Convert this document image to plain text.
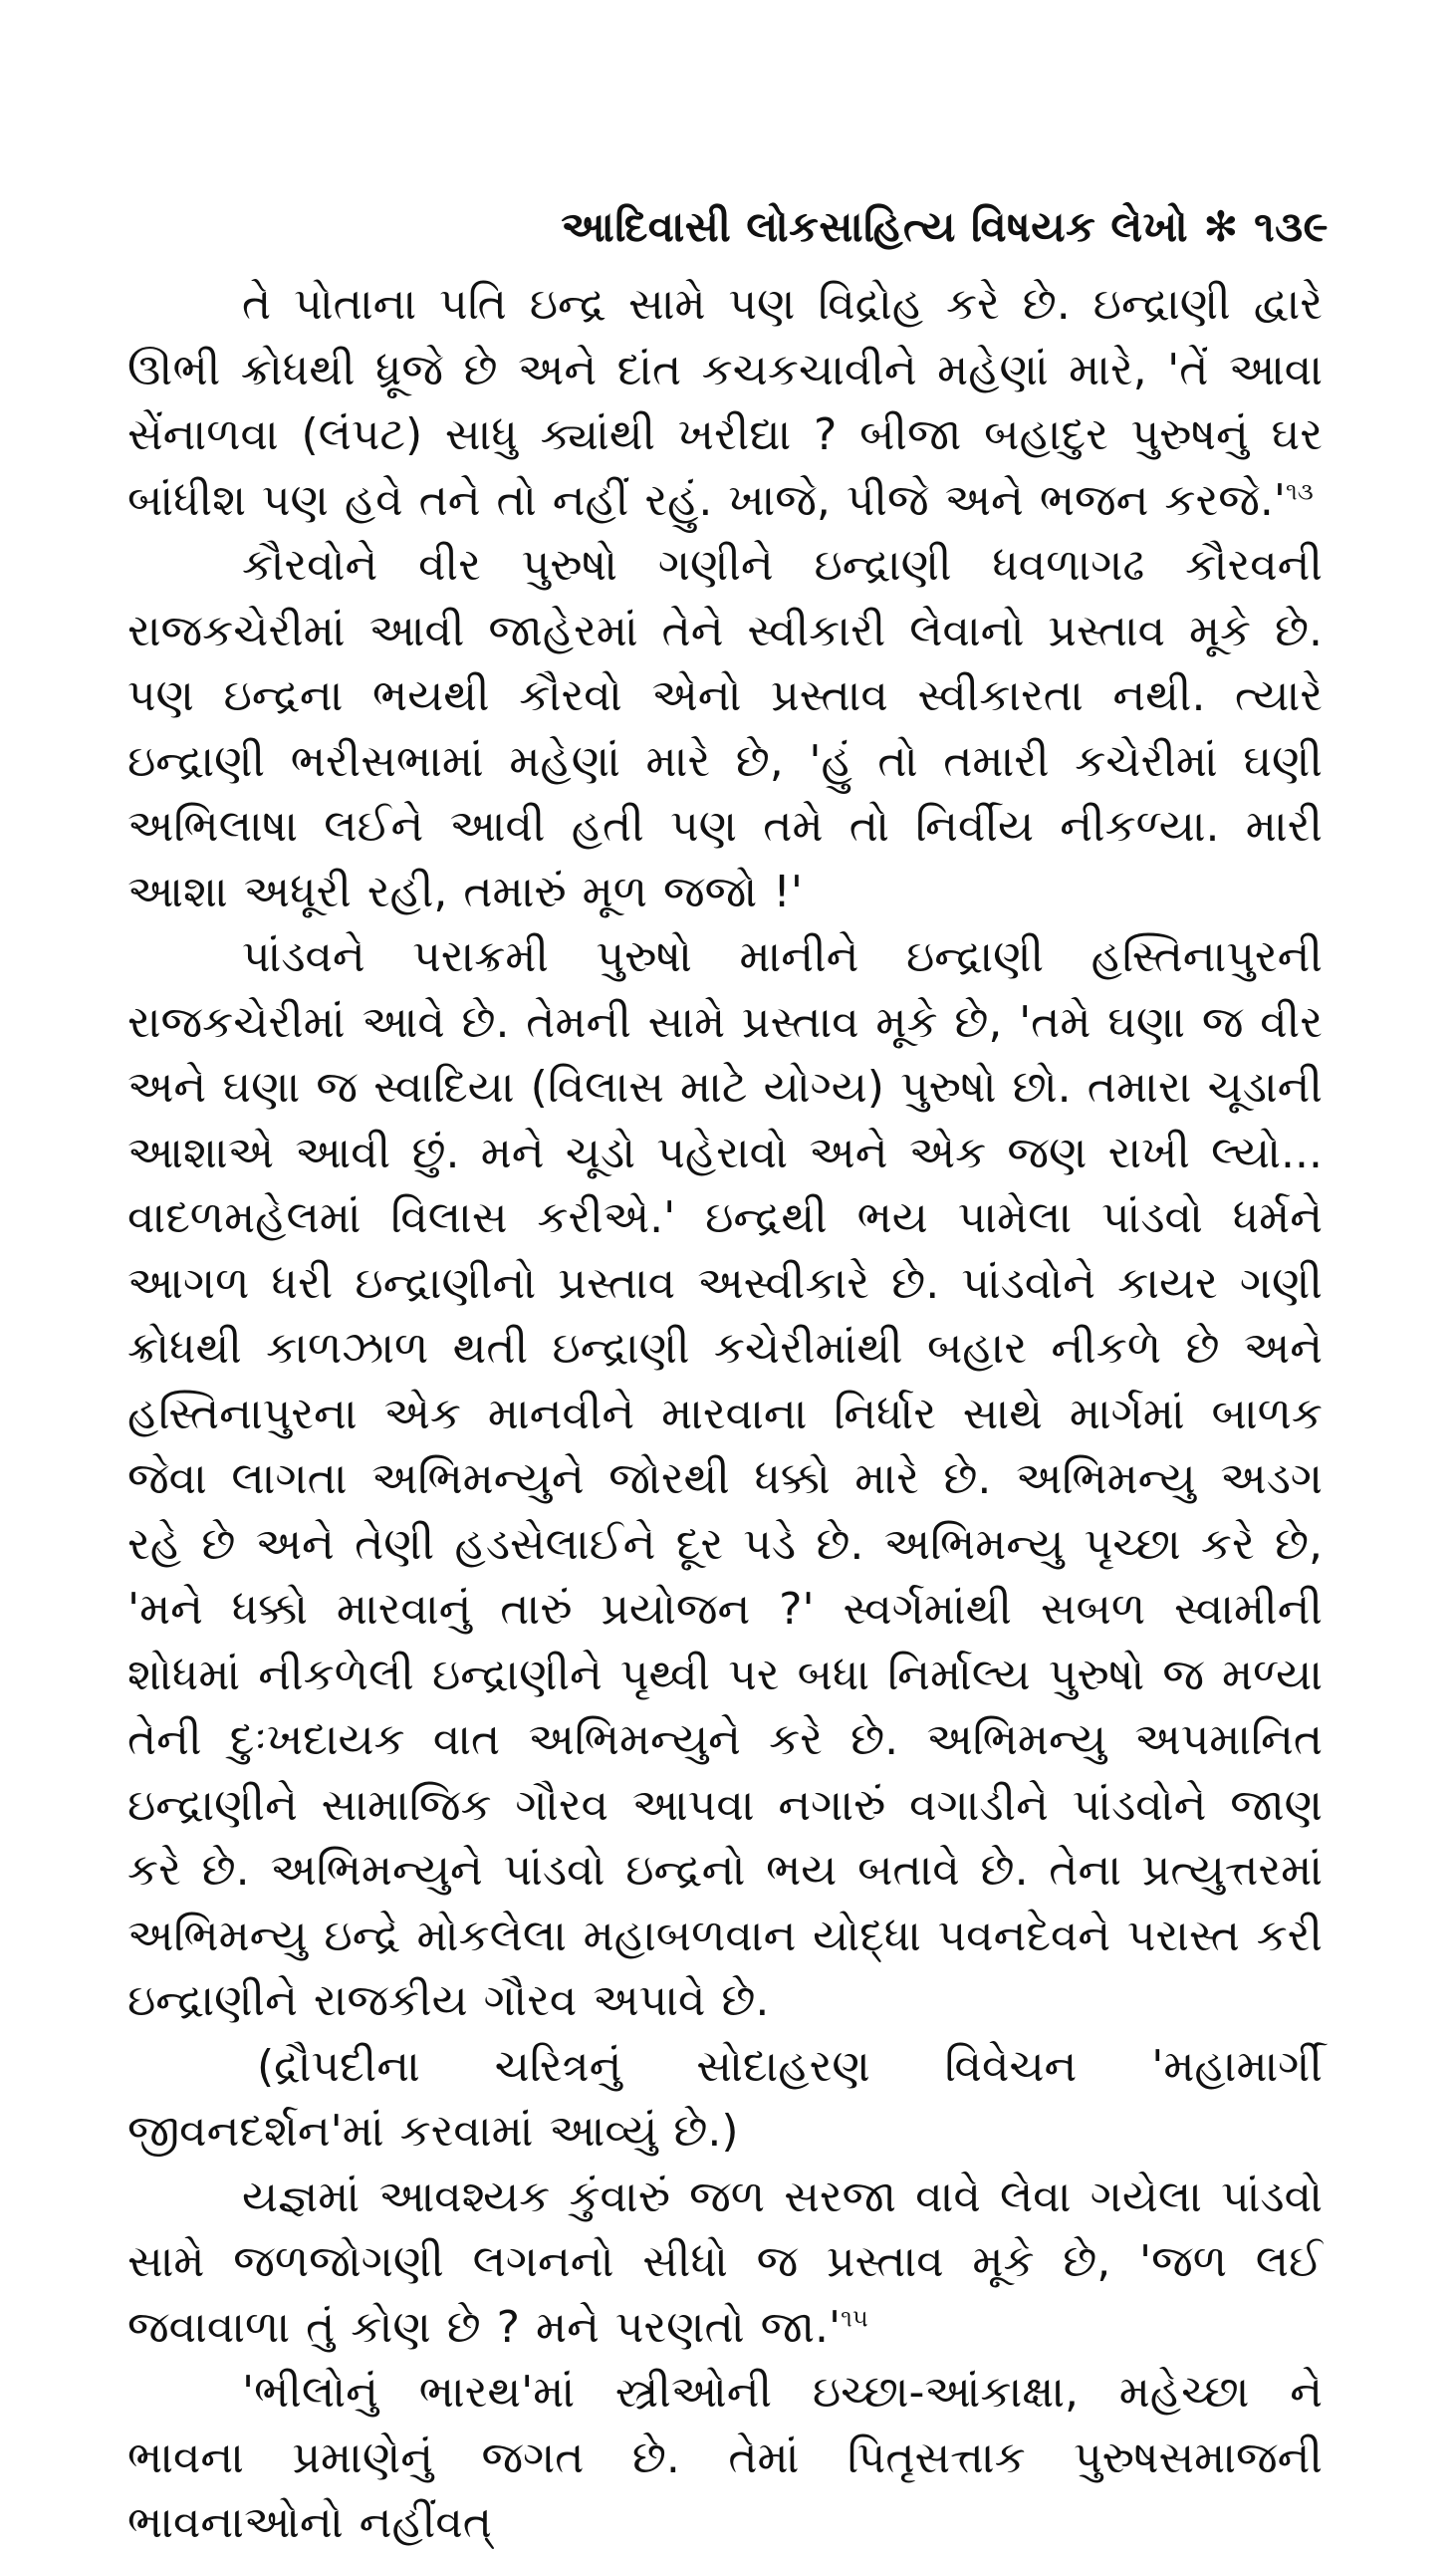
આદિવાસી લોકસાહિત્ય વિષયક લેખો ✻ ૧૩૯

તે પોતાના પતિ ઇન્દ્ર સામે પણ વિદ્રોહ કરે છે. ઇન્દ્રાણી દ્વારે ઊભી ક્રોધથી ધ્રૂજે છે અને દાંત કચકચાવીને મહેણાં મારે, 'તેં આવા સેંનાળવા (લંપટ) સાધુ ક્યાંથી ખરીદ્યા ? બીજા બહાદુર પુરુષનું ઘર બાંધીશ પણ હવે તને તો નહીં રહું. ખાજે, પીજે અને ભજન $કરજે.'^{૧૩}$

કૌરવોને વીર પુરુષો ગણીને ઇન્દ્રાણી ધવળાગઢ કૌરવની રાજકચેરીમાં આવી જાહેરમાં તેને સ્વીકારી લેવાનો પ્રસ્તાવ મૂકે છે. પણ ઇન્દ્રના ભયથી કૌરવો એનો પ્રસ્તાવ સ્વીકારતા નથી. ત્યારે ઇન્દ્રાણી ભરીસભામાં મહેણાં મારે છે, 'હું તો તમારી કચેરીમાં ઘણી અભિલાષા લઈને આવી હતી પણ તમે તો નિર્વીય નીકળ્યા. મારી આશા અધૂરી રહી, તમારું મૂળ જજો !'

પાંડવને પરાક્રમી પુરુષો માનીને ઇન્દ્રાણી હસ્તિનાપુરની રાજકચેરીમાં આવે છે. તેમની સામે પ્રસ્તાવ મૂકે છે, 'તમે ઘણા જ વીર અને ઘણા જ સ્વાદિયા (વિલાસ માટે યોગ્ય) પુરુષો છો. તમારા ચૂડાની આશાએ આવી છું. મને ચૂડો પહેરાવો અને એક જણ રાખી લ્યો... વાદળમહેલમાં વિલાસ કરીએ.' ઇન્દ્રથી ભય પામેલા પાંડવો ધર્મને આગળ ધરી ઇન્દ્રાણીનો પ્રસ્તાવ અસ્વીકારે છે. પાંડવોને કાયર ગણી ક્રોધથી કાળઝાળ થતી ઇન્દ્રાણી કચેરીમાંથી બહાર નીકળે છે અને હસ્તિનાપુરના એક માનવીને મારવાના નિર્ધાર સાથે માર્ગમાં બાળક જેવા લાગતા અભિમન્યુને જોરથી ધક્કો મારે છે. અભિમન્યુ અડગ રહે છે અને તેણી હડસેલાઈને દૂર પડે છે. અભિમન્યુ પૃચ્છા કરે છે, 'મને ધક્કો મારવાનું તારું પ્રયોજન ?' સ્વર્ગમાંથી સબળ સ્વામીની શોધમાં નીકળેલી ઇન્દ્રાણીને પૃથ્વી પર બધા નિર્માલ્ય પુરુષો જ મળ્યા તેની દુઃખદાયક વાત અભિમન્યુને કરે છે. અભિમન્યુ અપમાનિત ઇન્દ્રાણીને સામાજિક ગૌરવ આપવા નગારું વગાડીને પાંડવોને જાણ કરે છે. અભિમન્યુને પાંડવો ઇન્દ્રનો ભય બતાવે છે. તેના પ્રત્યુત્તરમાં અભિમન્યુ ઇન્દ્રે મોકલેલા મહાબળવાન યોદ્ધા પવનદેવને પરાસ્ત કરી ઇન્દ્રાણીને રાજકીય ગૌરવ અપાવે છે.

(દ્રૌપદીના ચરિત્રનું સોદાહરણ વિવેચન 'મહામાર્ગી જીવનદર્શન'માં કરવામાં આવ્યું છે.)

યજ્ઞમાં આવશ્યક કુંવારું જળ સરજા વાવે લેવા ગયેલા પાંડવો સામે જળજોગણી લગનનો સીધો જ પ્રસ્તાવ મૂકે છે, 'જળ લઈ જવાવાળા તું કોણ છે ? મને પરણતો $જા.'^{૧૫}$

'ભીલોનું ભારથ'માં સ્ત્રીઓની ઇચ્છા-આંકાક્ષા, મહેચ્છા ને ભાવના પ્રમાણેનું જગત છે. તેમાં પિતૃસત્તાક પુરુષસમાજની ભાવનાઓનો નહીંવત્
